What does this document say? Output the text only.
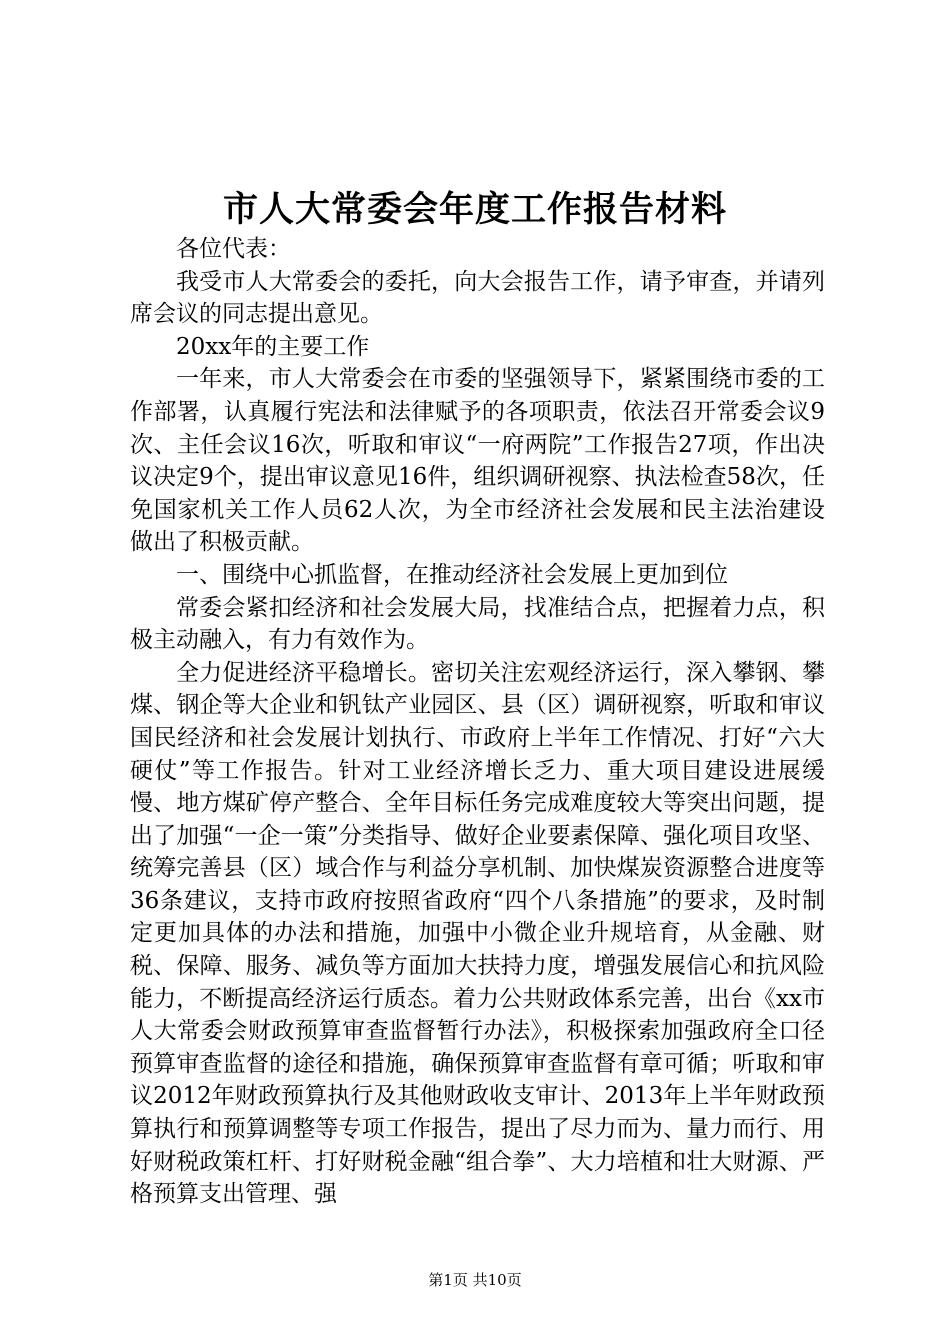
市人大常委会年度工作报告材料

各位代表：

我受市人大常委会的委托，向大会报告工作，请予审查，并请列席会议的同志提出意见。

20xx年的主要工作

一年来，市人大常委会在市委的坚强领导下，紧紧围绕市委的工作部署，认真履行宪法和法律赋予的各项职责，依法召开常委会议9次、主任会议16次，听取和审议“一府两院”工作报告27项，作出决议决定9个，提出审议意见16件，组织调研视察、执法检查58次，任免国家机关工作人员62人次，为全市经济社会发展和民主法治建设做出了积极贡献。

一、围绕中心抓监督，在推动经济社会发展上更加到位

常委会紧扣经济和社会发展大局，找准结合点，把握着力点，积极主动融入，有力有效作为。

全力促进经济平稳增长。密切关注宏观经济运行，深入攀钢、攀煤、钢企等大企业和钒钛产业园区、县（区）调研视察，听取和审议国民经济和社会发展计划执行、市政府上半年工作情况、打好“六大硬仗”等工作报告。针对工业经济增长乏力、重大项目建设进展缓慢、地方煤矿停产整合、全年目标任务完成难度较大等突出问题，提出了加强“一企一策”分类指导、做好企业要素保障、强化项目攻坚、统筹完善县（区）域合作与利益分享机制、加快煤炭资源整合进度等36条建议，支持市政府按照省政府“四个八条措施”的要求，及时制定更加具体的办法和措施，加强中小微企业升规培育，从金融、财税、保障、服务、减负等方面加大扶持力度，增强发展信心和抗风险能力，不断提高经济运行质态。着力公共财政体系完善，出台《xx市人大常委会财政预算审查监督暂行办法》，积极探索加强政府全口径预算审查监督的途径和措施，确保预算审查监督有章可循；听取和审议2012年财政预算执行及其他财政收支审计、2013年上半年财政预算执行和预算调整等专项工作报告，提出了尽力而为、量力而行、用好财税政策杠杆、打好财税金融“组合拳”、大力培植和壮大财源、严格预算支出管理、强

第1页 共10页
